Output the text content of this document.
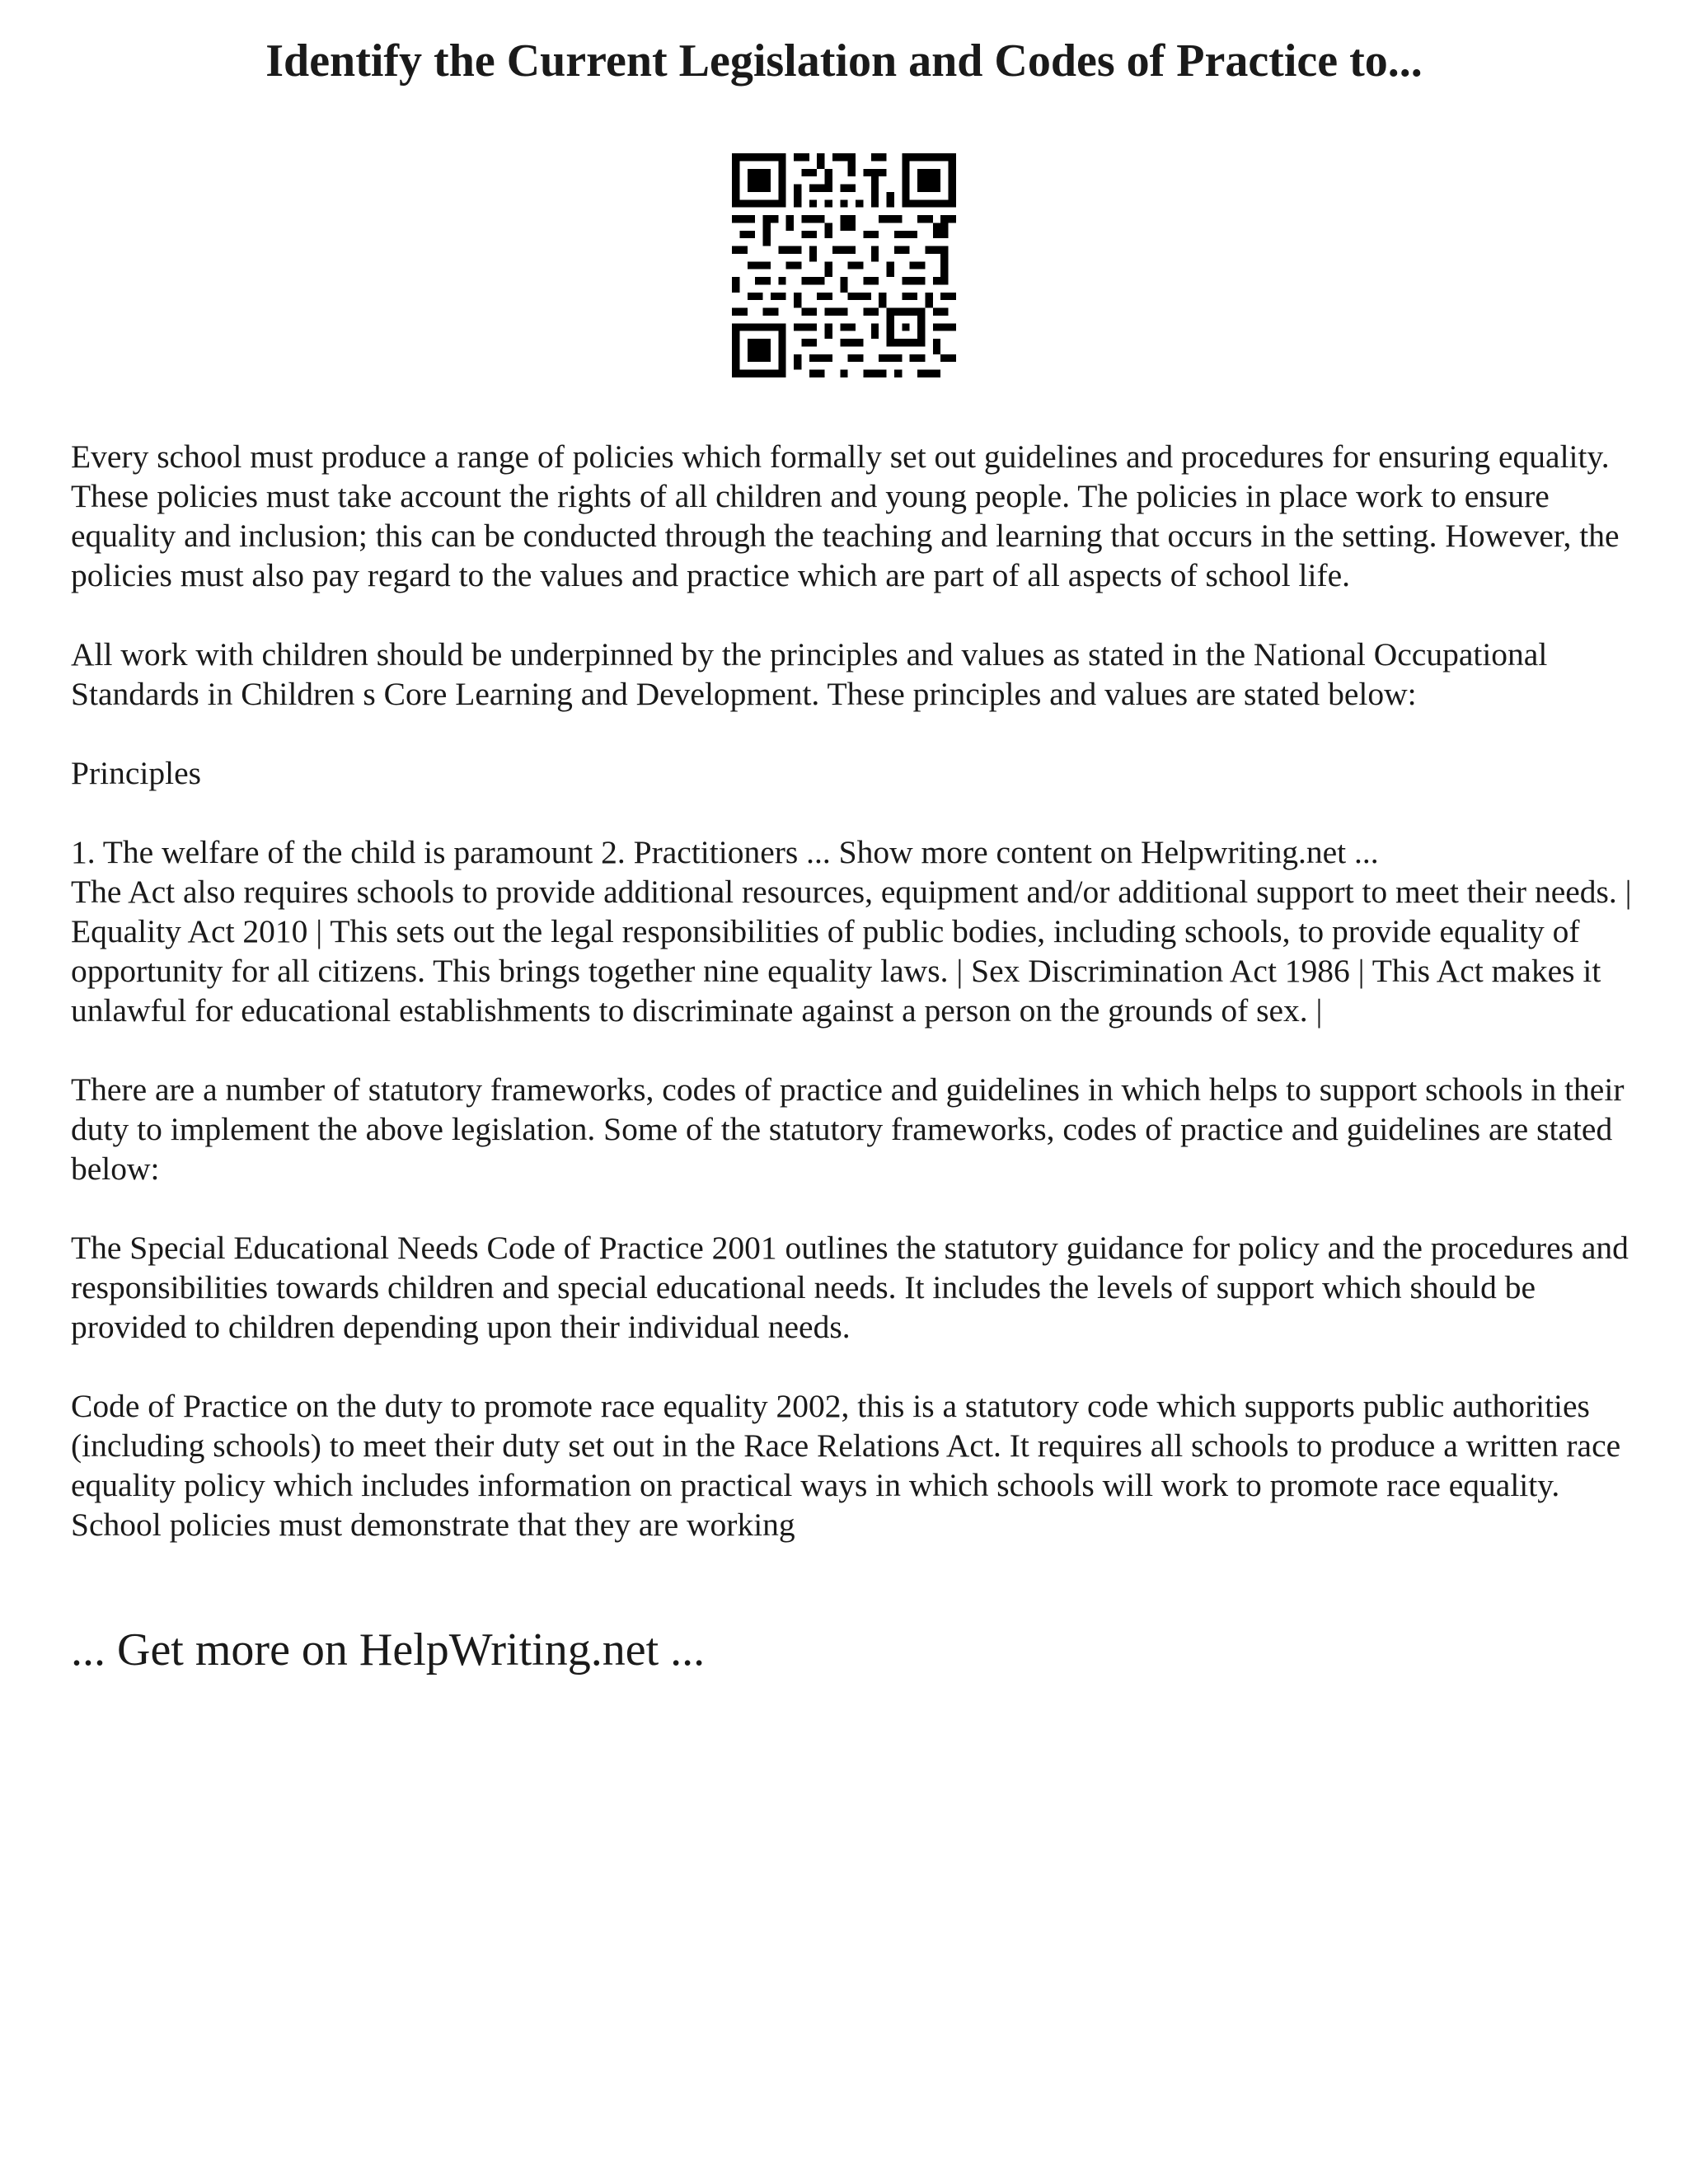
Identify the Current Legislation and Codes of Practice to...

Every school must produce a range of policies which formally set out guidelines and procedures for ensuring equality. These policies must take account the rights of all children and young people. The policies in place work to ensure equality and inclusion; this can be conducted through the teaching and learning that occurs in the setting. However, the policies must also pay regard to the values and practice which are part of all aspects of school life.

All work with children should be underpinned by the principles and values as stated in the National Occupational Standards in Children s Core Learning and Development. These principles and values are stated below:

Principles

1. The welfare of the child is paramount 2. Practitioners ... Show more content on Helpwriting.net ...

The Act also requires schools to provide additional resources, equipment and/or additional support to meet their needs. | Equality Act 2010 | This sets out the legal responsibilities of public bodies, including schools, to provide equality of opportunity for all citizens. This brings together nine equality laws. | Sex Discrimination Act 1986 | This Act makes it unlawful for educational establishments to discriminate against a person on the grounds of sex. |

There are a number of statutory frameworks, codes of practice and guidelines in which helps to support schools in their duty to implement the above legislation. Some of the statutory frameworks, codes of practice and guidelines are stated below:

The Special Educational Needs Code of Practice 2001 outlines the statutory guidance for policy and the procedures and responsibilities towards children and special educational needs. It includes the levels of support which should be provided to children depending upon their individual needs.

Code of Practice on the duty to promote race equality 2002, this is a statutory code which supports public authorities (including schools) to meet their duty set out in the Race Relations Act. It requires all schools to produce a written race equality policy which includes information on practical ways in which schools will work to promote race equality. School policies must demonstrate that they are working

... Get more on HelpWriting.net ...
